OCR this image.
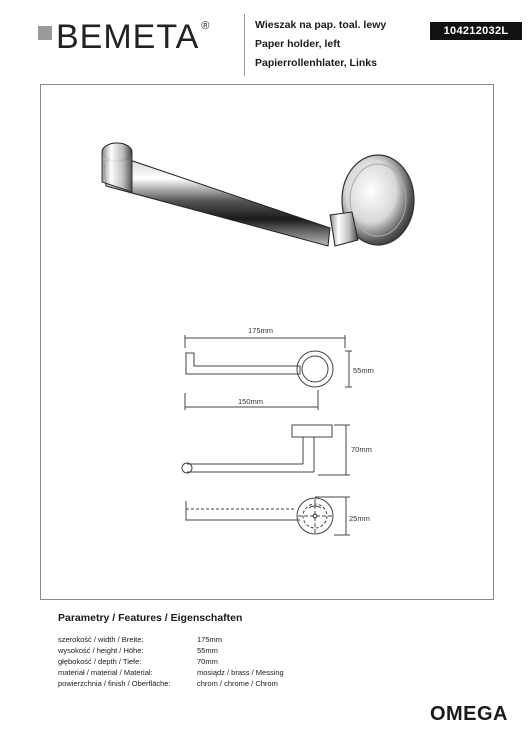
BEMETA ®	Wieszak na pap. toal. lewy
Paper holder, left
Papierrollenhlater, Links
104212032L
175mm
55mm
150mm
70mm
25mm
Parametry / Features / Eigenschaften
szerokość / width / Breite:	175mm
wysokość / height / Höhe:	55mm
głębokość / depth / Tiefe:	70mm
materiał / material / Material:	mosiądz / brass / Messing
powierzchnia / finish / Oberfläche:	chrom / chrome / Chrom
OMEGA
